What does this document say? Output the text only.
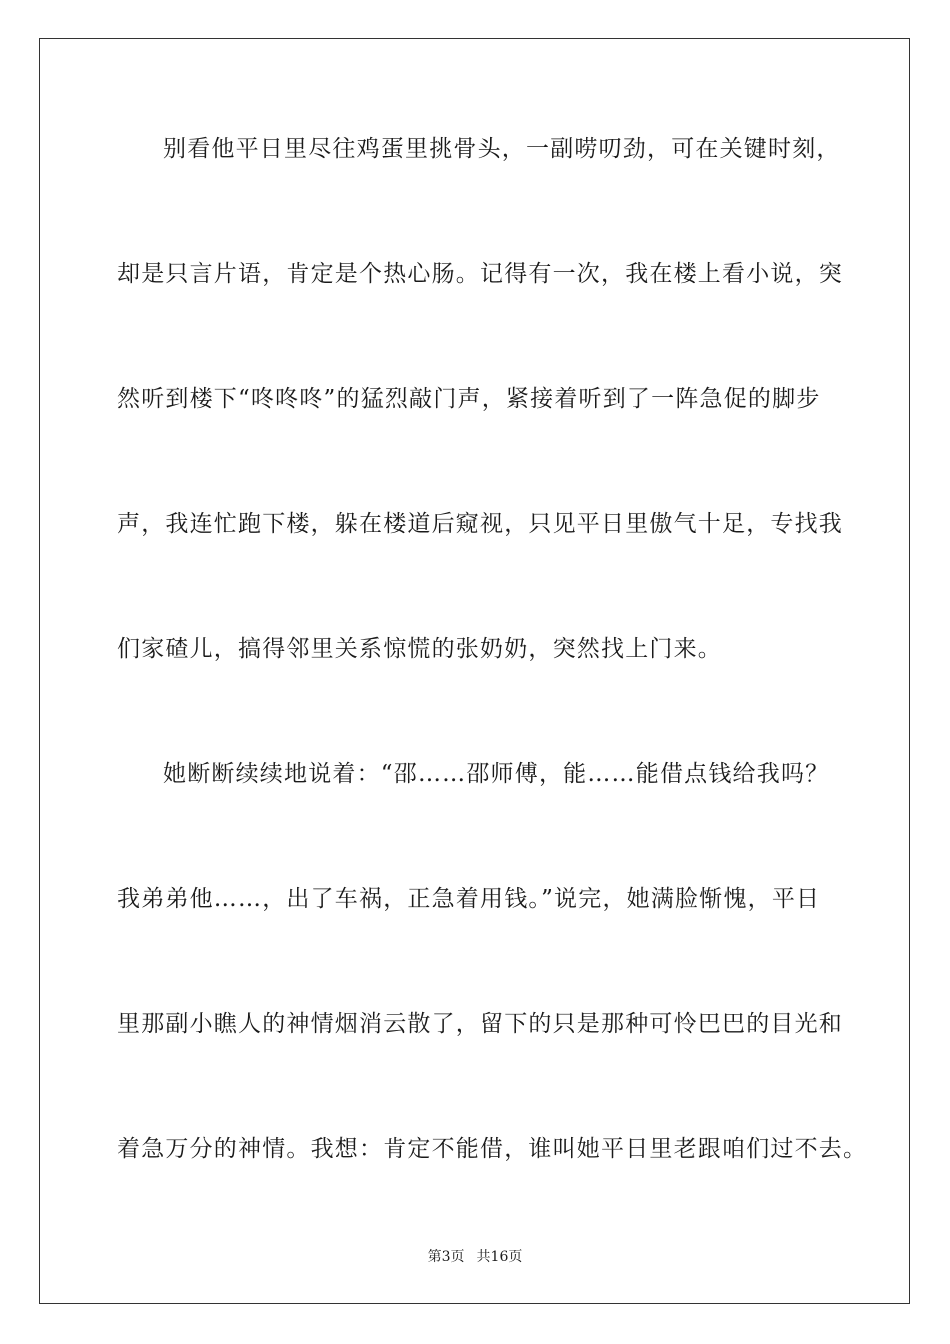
别看他平日里尽往鸡蛋里挑骨头，一副唠叨劲，可在关键时刻，
却是只言片语，肯定是个热心肠。记得有一次，我在楼上看小说，突
然听到楼下“咚咚咚”的猛烈敲门声，紧接着听到了一阵急促的脚步
声，我连忙跑下楼，躲在楼道后窥视，只见平日里傲气十足，专找我
们家碴儿，搞得邻里关系惊慌的张奶奶，突然找上门来。
她断断续续地说着：“邵……邵师傅，能……能借点钱给我吗？
我弟弟他……，出了车祸，正急着用钱。”说完，她满脸惭愧，平日
里那副小瞧人的神情烟消云散了，留下的只是那种可怜巴巴的目光和
着急万分的神情。我想：肯定不能借，谁叫她平日里老跟咱们过不去。
第3页 共16页
